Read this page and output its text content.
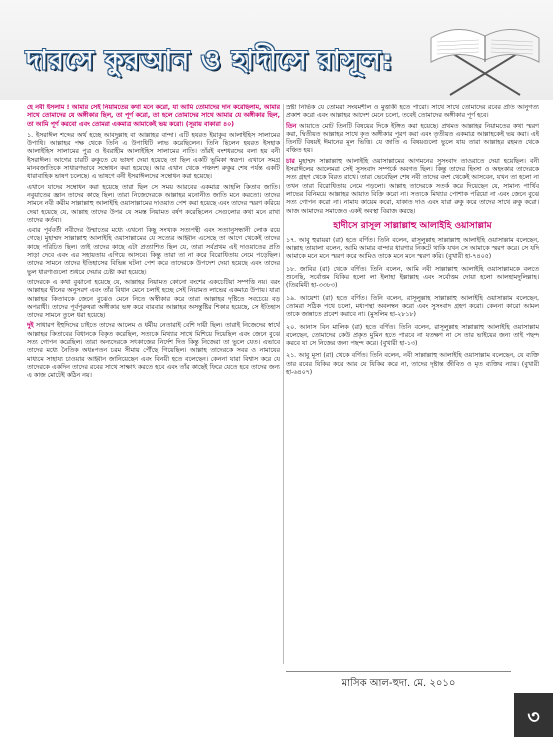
দারসে কুরআন ও হাদীসে রাসূল:

হে নবী ইসলাম ! আমার সেই নিয়ামতের কথা মনে করো, যা আমি তোমাদের দান করেছিলাম, আমার সাথে তোমাদের যে অঙ্গীকার ছিল, তা পূর্ণ করো, তা হলে তোমাদের সাথে আমার যে অঙ্গীকার ছিল, তা আমি পূর্ণ করবো এবং তোমরা একমাত্র আমাকেই ভয় করো। (সূরায় বাকারা ৪০)

১. ইসরাঈল শব্দের অর্থ হচ্ছে আবদুল্লাহ বা আল্লাহর বান্দা। এটি হযরত ইয়াকুব আলাইহিস সালামের উপাধি। আল্লাহর পক্ষ থেকে তিনি এ উপাধিটি লাভ করেছিলেন। তিনি ছিলেন হযরত ইসহাক আলাইহিস সালামের পুত্র ও ইবরাহীম আলাইহিস সালামের নাতি। তাঁরই বংশধরদের বলা হয় বনী ইসরাঈল। আগের চারটি রুকুতে যে ভাষণ দেয়া হয়েছে তা ছিল একটি ভূমিকা স্বরূপ। এখানে সমগ্র মানবজাতিকে সাধারণভাবে সম্বোধন করা হয়েছে। আর এখান থেকে পঞ্চদশ রুকুর শেষ পর্যন্ত একটি ধারাবাহিক ভাষণ চলেছে। এ ভাষণে বনী ইসরাঈলদের সম্বোধন করা হয়েছে।

এখানে যাদের সম্বোধন করা হয়েছে তারা ছিল সে সময় আরবের একমাত্র আহলি কিতাব জাতি। নবুয়াতের জ্ঞান তাদের কাছে ছিল। তারা নিজেদেরকে আল্লাহর মনোনীত জাতি মনে করতো। তাদের সামনে নবী করীম সাল্লাল্লাহু আলাইহি ওয়াসাল্লামের দাওয়াত পেশ করা হয়েছে এবং তাদের স্মরণ করিয়ে দেয়া হয়েছে যে, আল্লাহ তাদের উপর যে সমস্ত নিয়ামত বর্ষণ করেছিলেন সেগুলোর কথা মনে রাখা তাদের কর্তব্য।

এবার পূর্ববর্তী নবীদের উম্মাতের মধ্যে এখনো কিছু সংখ্যক সত্যপন্থী এবং সত্যানুসন্ধানী লোক রয়ে গেছে। মুহাম্মদ সাল্লাল্লাহু আলাইহি ওয়াসাল্লামের যে সত্যের আহ্বান এসেছে তা আগে থেকেই তাদের কাছে পরিচিত ছিল। তাই তাদের কাছে এটা প্রত্যাশিত ছিল যে, তারা সর্বপ্রথম এই দাওয়াতের প্রতি সাড়া দেবে এবং এর সহায়তায় এগিয়ে আসবে। কিন্তু তারা তা না করে বিরোধিতায় নেমে পড়েছিল। তাদের সামনে তাদের ইতিহাসের বিভিন্ন ঘটনা পেশ করে তাদেরকে উপদেশ দেয়া হয়েছে এবং তাদের ভুল ধারণাগুলো শুধরে দেয়ার চেষ্টা করা হয়েছে।

তাদেরকে এ কথা বুঝানো হয়েছে যে, আল্লাহর নিয়ামত কোনো বংশের একচেটিয়া সম্পত্তি নয়। বরং আল্লাহর দ্বীনের অনুসরণ এবং তাঁর বিধান মেনে চলাই হচ্ছে সেই নিয়ামত লাভের একমাত্র উপায়। যারা আল্লাহর কিতাবকে জেনে বুঝেও মেনে নিতে অস্বীকার করে তারা আল্লাহর দৃষ্টিতে সবচেয়ে বড় অপরাধী। তাদের পূর্বপুরুষরা অঙ্গীকার ভঙ্গ করে বারবার আল্লাহর অসন্তুষ্টির শিকার হয়েছে, সে ইতিহাস তাদের সামনে তুলে ধরা হয়েছে।

দুই সাধারণ ইহুদিদের চাইতে তাদের আলেম ও ধর্মীয় নেতারাই বেশি দায়ী ছিল। তারাই নিজেদের স্বার্থে আল্লাহর কিতাবের বিধানকে বিকৃত করেছিল, সত্যকে মিথ্যার সাথে মিশিয়ে দিয়েছিল এবং জেনে বুঝে সত্য গোপন করেছিল। তারা অন্যদেরকে সৎকাজের নির্দেশ দিত কিন্তু নিজেরা তা ভুলে যেত। এভাবে তাদের মধ্যে নৈতিক অধঃপতন চরম সীমায় পৌঁছে গিয়েছিল। আল্লাহ তাদেরকে সবর ও নামাযের মাধ্যমে সাহায্য চাওয়ার আহ্বান জানিয়েছেন এবং বিনয়ী হতে বলেছেন। কেননা যারা বিশ্বাস করে যে তাদেরকে একদিন তাদের রবের সাথে সাক্ষাৎ করতে হবে এবং তাঁর কাছেই ফিরে যেতে হবে তাদের জন্য এ কাজ মোটেই কঠিন নয়।

স্রষ্টা নির্ভিক যে তোমরা সংযমশীল ও মুত্তাকী হতে পারো। সাথে সাথে তোমাদের রবের প্রতি আনুগত্য প্রকাশ করো এবং আল্লাহর আদেশ মেনে চলো, তবেই তোমাদের অঙ্গীকার পূর্ণ হবে।

তিন আয়াতে মোট তিনটি বিষয়ের দিকে ইঙ্গিত করা হয়েছে। প্রথমত আল্লাহর নিয়ামতের কথা স্মরণ করা, দ্বিতীয়ত আল্লাহর সাথে কৃত অঙ্গীকার পূরণ করা এবং তৃতীয়ত একমাত্র আল্লাহকেই ভয় করা। এই তিনটি বিষয়ই ঈমানের মূল ভিত্তি। যে জাতি এ বিষয়গুলো ভুলে যায় তারা আল্লাহর রহমত থেকে বঞ্চিত হয়।

চার মুহাম্মদ সাল্লাল্লাহু আলাইহি ওয়াসাল্লামের আগমনের সুসংবাদ তাওরাতে দেয়া হয়েছিল। বনী ইসরাঈলের আলেমরা সেই সুসংবাদ সম্পর্কে অবগত ছিল। কিন্তু তাদের হিংসা ও অহংকার তাদেরকে সত্য গ্রহণ থেকে বিরত রাখে। তারা ভেবেছিল শেষ নবী তাদের বংশ থেকেই আসবেন, যখন তা হলো না তখন তারা বিরোধিতায় নেমে পড়লো। আল্লাহ তাদেরকে সতর্ক করে দিয়েছেন যে, সামান্য পার্থিব লাভের বিনিময়ে আল্লাহর আয়াত বিক্রি করো না। সত্যকে মিথ্যার পোশাক পরিয়ো না এবং জেনে বুঝে সত্য গোপন করো না। নামায কায়েম করো, যাকাত দাও এবং যারা রুকু করে তাদের সাথে রুকু করো। আজ আমাদের সমাজেও একই অবস্থা বিরাজ করছে।

হাদীসে রাসূল সাল্লাল্লাহু আলাইহি ওয়াসাল্লাম

১৭. আবু হুরায়রা (রা) হতে বর্ণিত। তিনি বলেন, রাসূলুল্লাহ সাল্লাল্লাহু আলাইহি ওয়াসাল্লাম বলেছেন, আল্লাহ তায়ালা বলেন, আমি আমার বান্দার ধারণার নিকটে থাকি যখন সে আমাকে স্মরণ করে। সে যদি আমাকে মনে মনে স্মরণ করে আমিও তাকে মনে মনে স্মরণ করি। (বুখারী হা-৭৪০৫)

১৮. জাবির (রা) থেকে বর্ণিত। তিনি বলেন, আমি নবী সাল্লাল্লাহু আলাইহি ওয়াসাল্লামকে বলতে শুনেছি, সর্বোত্তম যিকির হলো লা ইলাহা ইল্লাল্লাহ এবং সর্বোত্তম দোয়া হলো আলহামদুলিল্লাহ। (তিরমিযী হা-৩৩৮৩)

১৯. আয়েশা (রা) হতে বর্ণিত। তিনি বলেন, রাসূলুল্লাহ সাল্লাল্লাহু আলাইহি ওয়াসাল্লাম বলেছেন, তোমরা সঠিক পথে চলো, মধ্যপন্থা অবলম্বন করো এবং সুসংবাদ গ্রহণ করো। কেননা কারো আমল তাকে জান্নাতে প্রবেশ করাবে না। (মুসলিম হা-২৮১৮)

২০. আনাস বিন মালিক (রা) হতে বর্ণিত। তিনি বলেন, রাসূলুল্লাহ সাল্লাল্লাহু আলাইহি ওয়াসাল্লাম বলেছেন, তোমাদের কেউ প্রকৃত মুমিন হতে পারবে না যতক্ষণ না সে তার ভাইয়ের জন্য তাই পছন্দ করবে যা সে নিজের জন্য পছন্দ করে। (বুখারী হা-১৩)

২১. আবু মূসা (রা) থেকে বর্ণিত। তিনি বলেন, নবী সাল্লাল্লাহু আলাইহি ওয়াসাল্লাম বলেছেন, যে ব্যক্তি তার রবের যিকির করে আর যে যিকির করে না, তাদের দৃষ্টান্ত জীবিত ও মৃত ব্যক্তির ন্যায়। (বুখারী হা-৬৪০৭)

মাসিক আল-হুদা. মে. ২০১০
৩
